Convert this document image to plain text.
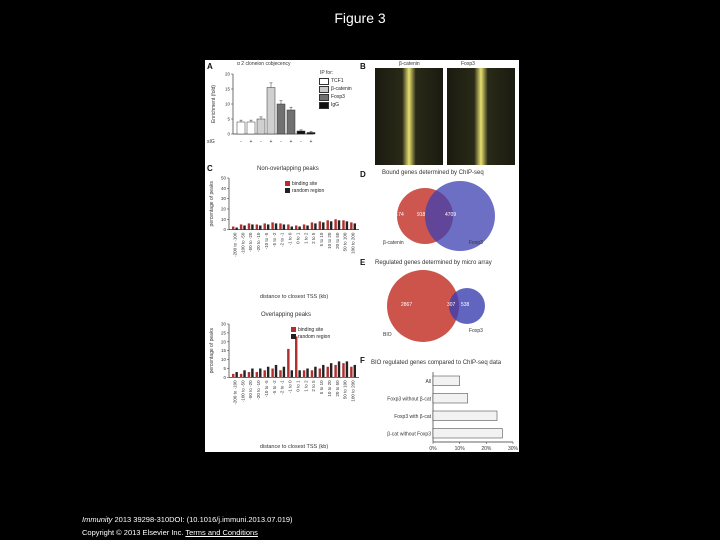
Figure 3
A	α 2 cloneion cobjecency
0
5
10
15
20
Enrichment (fold)
- + - + - + - +
sIG
IP for:
TCF1
β-catenin
Foxp3
IgG
B	β-catenin	Foxp3
C	Non-overlapping peaks
0
10
20
30
40
50
percentage of peaks
-200 to -100 -100 to -50 -50 to -20 -20 to -10 -10 to -5 -5 to -2 -2 to -1 -1 to 0 0 to 1 1 to 2 2 to 5 5 to 10 10 to 20 20 to 50 50 to 100 100 to 200
distance to closest TSS (kb)
binding site
random region
Overlapping peaks
0
5
10
15
20
25
30
percentage of peaks
-200 to -100 -100 to -50 -50 to -20 -20 to -10 -10 to -5 -5 to -2 -2 to -1 -1 to 0 0 to 1 1 to 2 2 to 5 5 to 10 10 to 20 20 to 50 50 to 100 100 to 200
distance to closest TSS (kb)
binding site
random region
D	Bound genes determined by ChIP-seq
1174	918	4709
β-catenin	Foxp3
E Regulated genes determined by micro array
2867	307 538
BIO
Foxp3
F BIO regulated genes compared to ChIP-seq data
All
Foxp3 without β-cat
Foxp3 with β-cat
β-cat without Foxp3
0%	10%	20%	30%
Immunity 2013 39298-310DOI: (10.1016/j.immuni.2013.07.019)
Copyright © 2013 Elsevier Inc. Terms and Conditions
